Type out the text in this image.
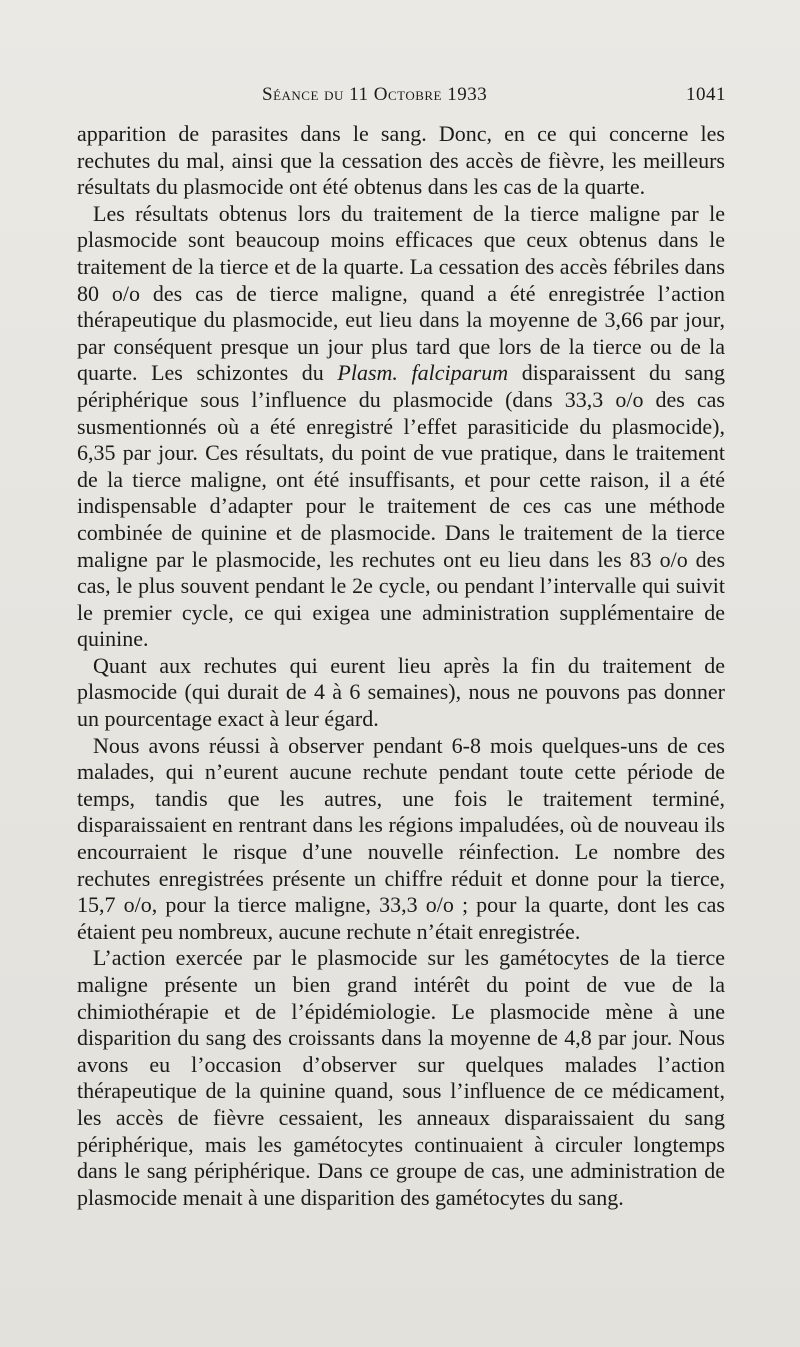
Séance du 11 Octobre 1933	1041

apparition de parasites dans le sang. Donc, en ce qui concerne les rechutes du mal, ainsi que la cessation des accès de fièvre, les meilleurs résultats du plasmocide ont été obtenus dans les cas de la quarte.

Les résultats obtenus lors du traitement de la tierce maligne par le plasmocide sont beaucoup moins efficaces que ceux obtenus dans le traitement de la tierce et de la quarte. La cessation des accès fébriles dans 80 o/o des cas de tierce maligne, quand a été enregistrée l’action thérapeutique du plasmocide, eut lieu dans la moyenne de 3,66 par jour, par conséquent presque un jour plus tard que lors de la tierce ou de la quarte. Les schizontes du Plasm. falciparum disparaissent du sang périphérique sous l’influence du plasmocide (dans 33,3 o/o des cas susmentionnés où a été enregistré l’effet parasiticide du plasmocide), 6,35 par jour. Ces résultats, du point de vue pratique, dans le traitement de la tierce maligne, ont été insuffisants, et pour cette raison, il a été indispensable d’adapter pour le traitement de ces cas une méthode combinée de quinine et de plasmocide. Dans le traitement de la tierce maligne par le plasmocide, les rechutes ont eu lieu dans les 83 o/o des cas, le plus souvent pendant le 2e cycle, ou pendant l’intervalle qui suivit le premier cycle, ce qui exigea une administration supplémentaire de quinine.

Quant aux rechutes qui eurent lieu après la fin du traitement de plasmocide (qui durait de 4 à 6 semaines), nous ne pouvons pas donner un pourcentage exact à leur égard.

Nous avons réussi à observer pendant 6-8 mois quelques-uns de ces malades, qui n’eurent aucune rechute pendant toute cette période de temps, tandis que les autres, une fois le traitement terminé, disparaissaient en rentrant dans les régions impaludées, où de nouveau ils encourraient le risque d’une nouvelle réinfection. Le nombre des rechutes enregistrées présente un chiffre réduit et donne pour la tierce, 15,7 o/o, pour la tierce maligne, 33,3 o/o ; pour la quarte, dont les cas étaient peu nombreux, aucune rechute n’était enregistrée.

L’action exercée par le plasmocide sur les gamétocytes de la tierce maligne présente un bien grand intérêt du point de vue de la chimiothérapie et de l’épidémiologie. Le plasmocide mène à une disparition du sang des croissants dans la moyenne de 4,8 par jour. Nous avons eu l’occasion d’observer sur quelques malades l’action thérapeutique de la quinine quand, sous l’influence de ce médicament, les accès de fièvre cessaient, les anneaux disparaissaient du sang périphérique, mais les gamétocytes continuaient à circuler longtemps dans le sang périphérique. Dans ce groupe de cas, une administration de plasmocide menait à une disparition des gamétocytes du sang.
